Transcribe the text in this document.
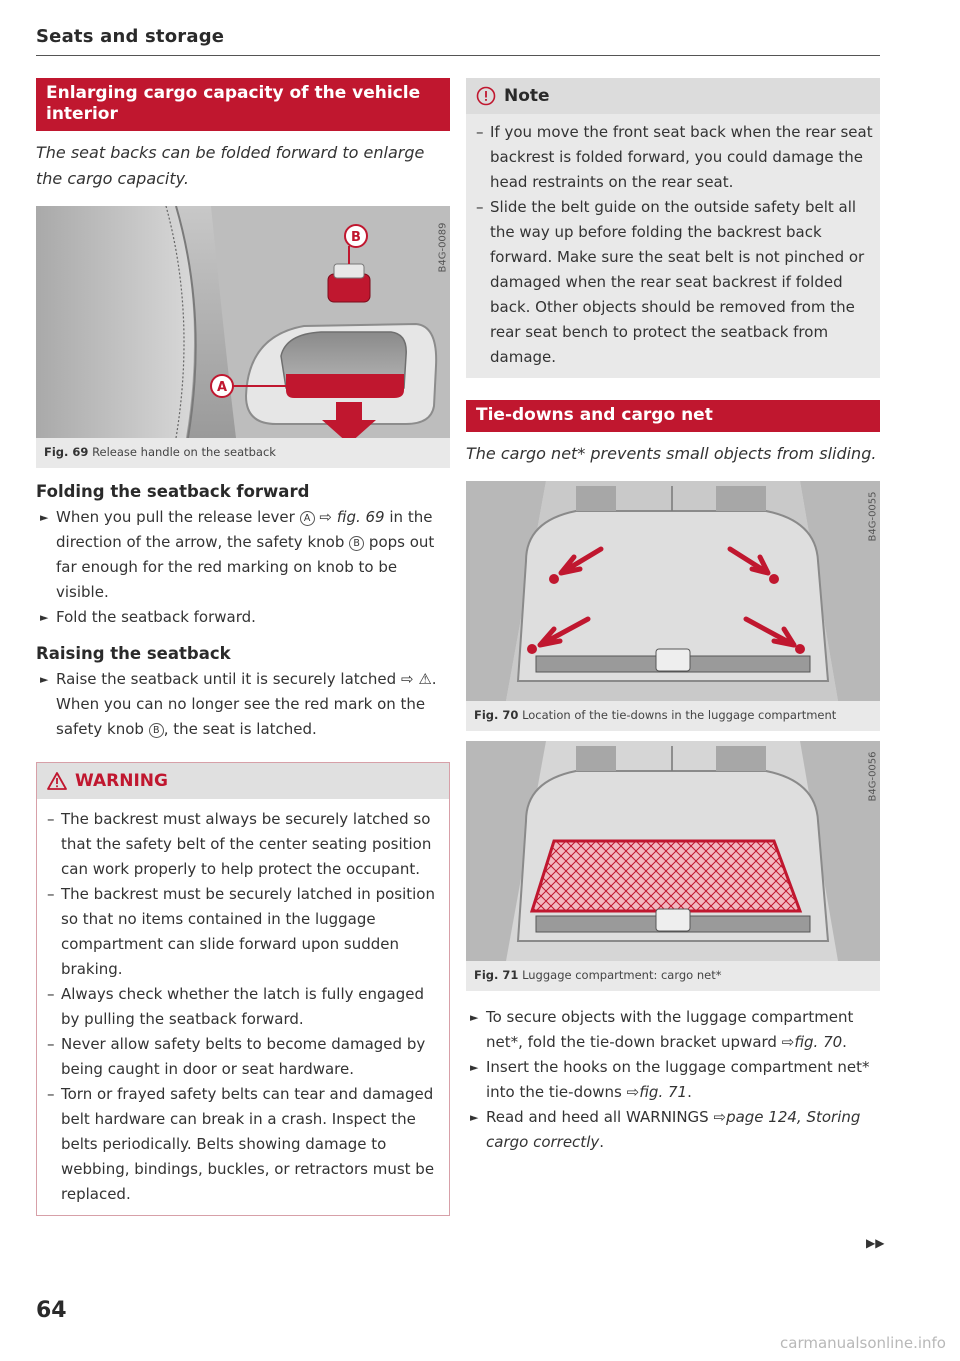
Seats and storage
Enlarging cargo capacity of the vehicle interior
The seat backs can be folded forward to enlarge the cargo capacity.
B
A
B4G-0089
Fig. 69 Release handle on the seatback
Folding the seatback forward
► When you pull the release lever A ⇨ fig. 69 in the direction of the arrow, the safety knob B pops out far enough for the red marking on knob to be visible.
► Fold the seatback forward.
Raising the seatback
► Raise the seatback until it is securely latched ⇨ ⚠. When you can no longer see the red mark on the safety knob B , the seat is latched.
WARNING
– The backrest must always be securely latched so that the safety belt of the center seating position can work properly to help protect the occupant.
– The backrest must be securely latched in position so that no items contained in the luggage compartment can slide forward upon sudden braking.
– Always check whether the latch is fully engaged by pulling the seatback forward.
– Never allow safety belts to become damaged by being caught in door or seat hardware.
– Torn or frayed safety belts can tear and damaged belt hardware can break in a crash. Inspect the belts periodically. Belts showing damage to webbing, bindings, buckles, or retractors must be replaced.
Note
– If you move the front seat back when the rear seat backrest is folded forward, you could damage the head restraints on the rear seat.
– Slide the belt guide on the outside safety belt all the way up before folding the backrest back forward. Make sure the seat belt is not pinched or damaged when the rear seat backrest if folded back. Other objects should be removed from the rear seat bench to protect the seatback from damage.
Tie-downs and cargo net
The cargo net* prevents small objects from sliding.
B4G-0055
Fig. 70 Location of the tie-downs in the luggage compartment
B4G-0056
Fig. 71 Luggage compartment: cargo net*
► To secure objects with the luggage compartment net*, fold the tie-down bracket upward ⇨fig. 70.
► Insert the hooks on the luggage compartment net* into the tie-downs ⇨fig. 71.
► Read and heed all WARNINGS ⇨page 124, Storing cargo correctly.
▶▶
64
carmanualsonline.info
